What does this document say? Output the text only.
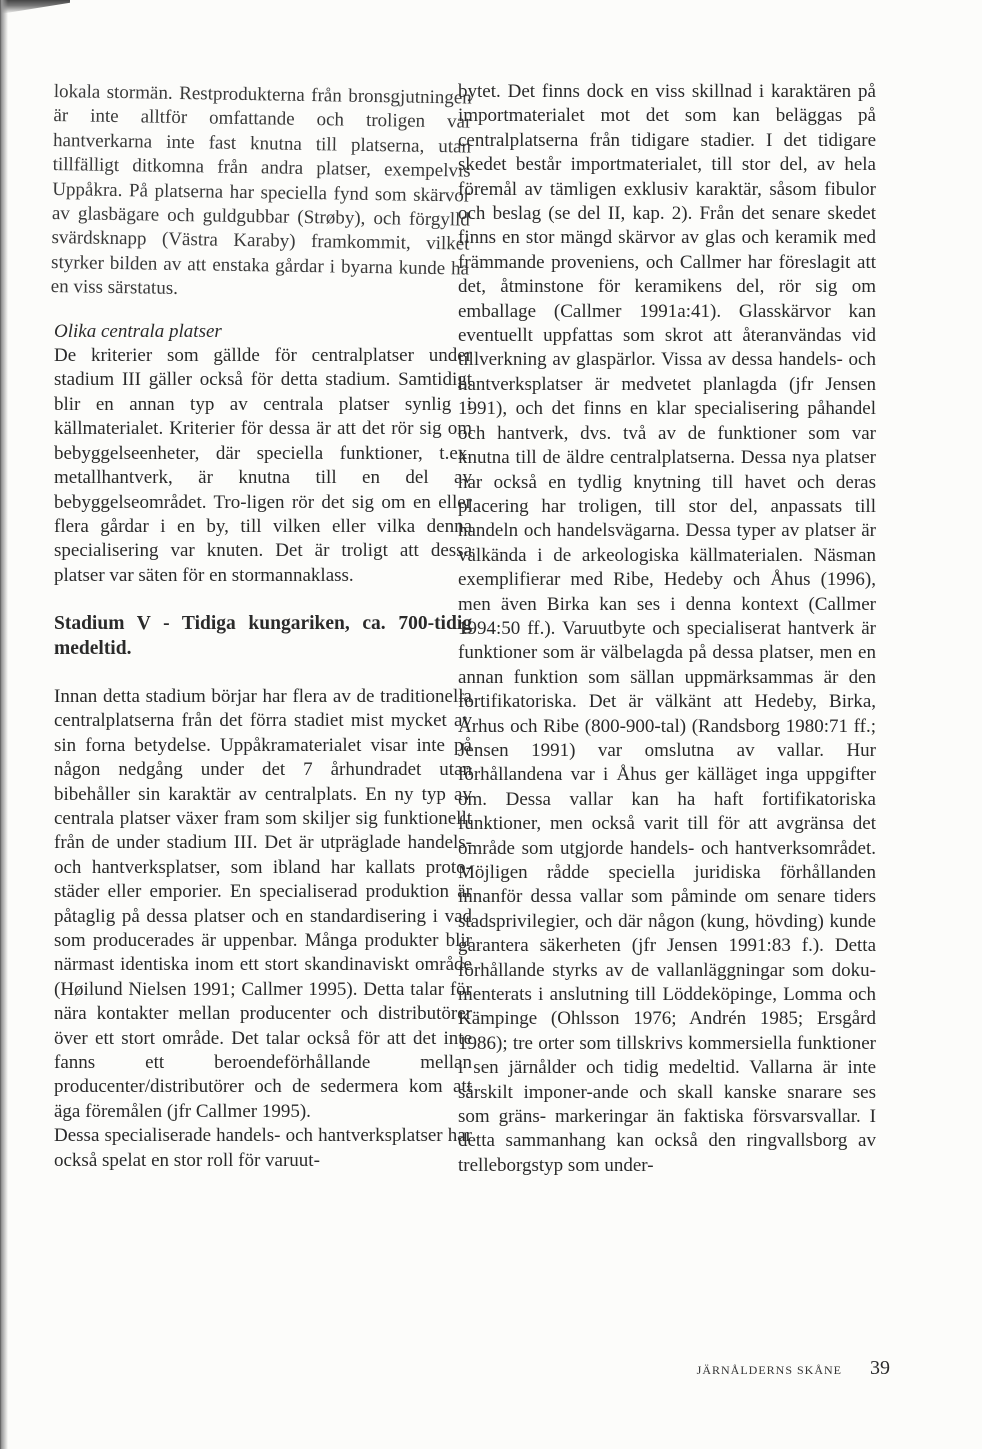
lokala stormän. Restprodukterna från bronsgjutningen är inte alltför omfattande och troligen var hantverkarna inte fast knutna till platserna, utan tillfälligt ditkomna från andra platser, exempelvis Uppåkra. På platserna har speciella fynd som skärvor av glasbägare och guldgubbar (Strøby), och förgylld svärdsknapp (Västra Karaby) framkommit, vilket styrker bilden av att enstaka gårdar i byarna kunde ha en viss särstatus.

Olika centrala platser

De kriterier som gällde för centralplatser under stadium III gäller också för detta stadium. Samtidigt blir en annan typ av centrala platser synlig i källmaterialet. Kriterier för dessa är att det rör sig om bebyggelseenheter, där speciella funktioner, t.ex. metallhantverk, är knutna till en del av bebyggelseområdet. Tro-ligen rör det sig om en eller flera gårdar i en by, till vilken eller vilka denna specialisering var knuten. Det är troligt att dessa platser var säten för en stormannaklass.

Stadium V - Tidiga kungariken, ca. 700-tidig medeltid.

Innan detta stadium börjar har flera av de traditionella centralplatserna från det förra stadiet mist mycket av sin forna betydelse. Uppåkramaterialet visar inte på någon nedgång under det 7 århundradet utan bibehåller sin karaktär av centralplats. En ny typ av centrala platser växer fram som skiljer sig funktionellt från de under stadium III. Det är utpräglade handels- och hantverksplatser, som ibland har kallats proto-städer eller emporier. En specialiserad produktion är påtaglig på dessa platser och en standardisering i vad som producerades är uppenbar. Många produkter blir närmast identiska inom ett stort skandinaviskt område (Høilund Nielsen 1991; Callmer 1995). Detta talar för nära kontakter mellan producenter och distributörer över ett stort område. Det talar också för att det inte fanns ett beroendeförhållande mellan producenter/distributörer och de sedermera kom att äga föremålen (jfr Callmer 1995).

Dessa specialiserade handels- och hantverksplatser har också spelat en stor roll för varuut-

bytet. Det finns dock en viss skillnad i karaktären på importmaterialet mot det som kan beläggas på centralplatserna från tidigare stadier. I det tidigare skedet består importmaterialet, till stor del, av hela föremål av tämligen exklusiv karaktär, såsom fibulor och beslag (se del II, kap. 2). Från det senare skedet finns en stor mängd skärvor av glas och keramik med främmande proveniens, och Callmer har föreslagit att det, åtminstone för keramikens del, rör sig om emballage (Callmer 1991a:41). Glasskärvor kan eventuellt uppfattas som skrot att återanvändas vid tillverkning av glaspärlor. Vissa av dessa handels- och hantverksplatser är medvetet planlagda (jfr Jensen 1991), och det finns en klar specialisering påhandel och hantverk, dvs. två av de funktioner som var knutna till de äldre centralplatserna. Dessa nya platser har också en tydlig knytning till havet och deras placering har troligen, till stor del, anpassats till handeln och handelsvägarna. Dessa typer av platser är välkända i de arkeologiska källmaterialen. Näsman exemplifierar med Ribe, Hedeby och Åhus (1996), men även Birka kan ses i denna kontext (Callmer 1994:50 ff.). Varuutbyte och specialiserat hantverk är funktioner som är välbelagda på dessa platser, men en annan funktion som sällan uppmärksammas är den fortifikatoriska. Det är välkänt att Hedeby, Birka, Århus och Ribe (800-900-tal) (Randsborg 1980:71 ff.; Jensen 1991) var omslutna av vallar. Hur förhållandena var i Åhus ger källäget inga uppgifter om. Dessa vallar kan ha haft fortifikatoriska funktioner, men också varit till för att avgränsa det område som utgjorde handels- och hantverksområdet. Möjligen rådde speciella juridiska förhållanden innanför dessa vallar som påminde om senare tiders stadsprivilegier, och där någon (kung, hövding) kunde garantera säkerheten (jfr Jensen 1991:83 f.). Detta förhållande styrks av de vallanläggningar som doku- menterats i anslutning till Löddeköpinge, Lomma och Kämpinge (Ohlsson 1976; Andrén 1985; Ersgård 1986); tre orter som tillskrivs kommersiella funktioner i sen järnålder och tidig medeltid. Vallarna är inte särskilt imponer-ande och skall kanske snarare ses som gräns- markeringar än faktiska försvarsvallar. I detta sammanhang kan också den ringvallsborg av trelleborgstyp som under-

JÄRNÅLDERNS SKÅNE 39
